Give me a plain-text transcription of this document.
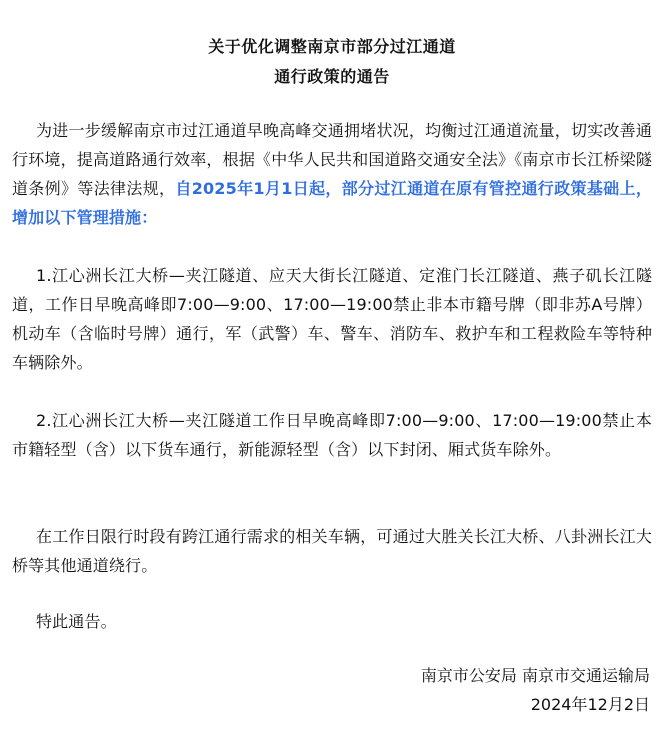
关于优化调整南京市部分过江通道
通行政策的通告
为进一步缓解南京市过江通道早晚高峰交通拥堵状况，均衡过江通道流量，切实改善通行环境，提高道路通行效率，根据《中华人民共和国道路交通安全法》《南京市长江桥梁隧道条例》等法律法规，自2025年1月1日起，部分过江通道在原有管控通行政策基础上，增加以下管理措施：
1.江心洲长江大桥—夹江隧道、应天大街长江隧道、定淮门长江隧道、燕子矶长江隧道，工作日早晚高峰即7:00—9:00、17:00—19:00禁止非本市籍号牌（即非苏A号牌）机动车（含临时号牌）通行，军（武警）车、警车、消防车、救护车和工程救险车等特种车辆除外。
2.江心洲长江大桥—夹江隧道工作日早晚高峰即7:00—9:00、17:00—19:00禁止本市籍轻型（含）以下货车通行，新能源轻型（含）以下封闭、厢式货车除外。
在工作日限行时段有跨江通行需求的相关车辆，可通过大胜关长江大桥、八卦洲长江大桥等其他通道绕行。
特此通告。
南京市公安局 南京市交通运输局
2024年12月2日
